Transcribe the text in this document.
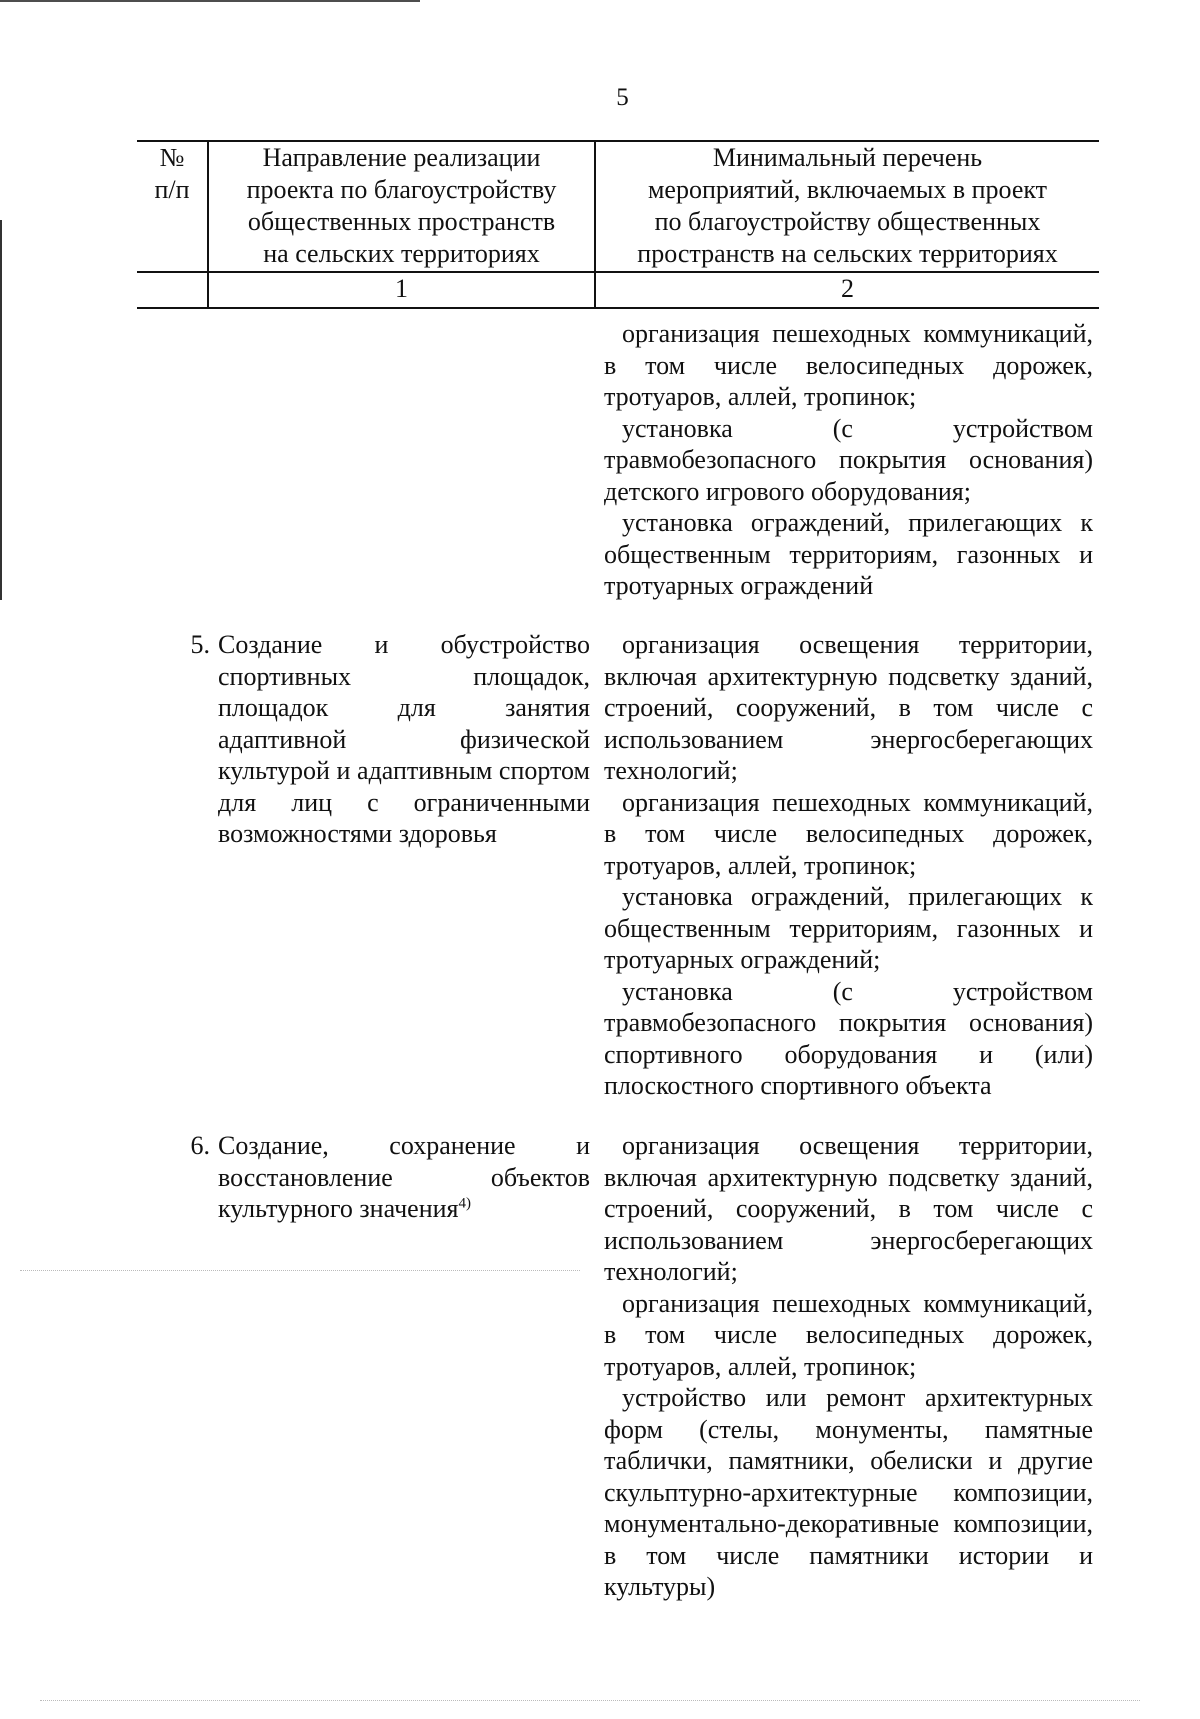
5
№
п/п
Направление реализации
проекта по благоустройству
общественных пространств
на сельских территориях
Минимальный перечень
мероприятий, включаемых в проект
по благоустройству общественных
пространств на сельских территориях
1	2

организация пешеходных коммуникаций, в том числе велосипедных дорожек, тротуаров, аллей, тропинок;

установка (с устройством травмобезопасного покрытия основания) детского игрового оборудования;

установка ограждений, прилегающих к общественным территориям, газонных и тротуарных ограждений

5. Создание и обустройство спортивных площадок, площадок для занятия адаптивной физической культурой и адаптивным спортом для лиц с ограниченными возможностями здоровья

организация освещения территории, включая архитектурную подсветку зданий, строений, сооружений, в том числе с использованием энергосберегающих технологий;

организация пешеходных коммуникаций, в том числе велосипедных дорожек, тротуаров, аллей, тропинок;

установка ограждений, прилегающих к общественным территориям, газонных и тротуарных ограждений;

установка (с устройством травмобезопасного покрытия основания) спортивного оборудования и (или) плоскостного спортивного объекта

6. Создание, сохранение и восстановление объектов культурного значения$^{4)}$

организация освещения территории, включая архитектурную подсветку зданий, строений, сооружений, в том числе с использованием энергосберегающих технологий;

организация пешеходных коммуникаций, в том числе велосипедных дорожек, тротуаров, аллей, тропинок;

устройство или ремонт архитектурных форм (стелы, монументы, памятные таблички, памятники, обелиски и другие скульптурно-архитектурные композиции, монументально-декоративные композиции, в том числе памятники истории и культуры)
